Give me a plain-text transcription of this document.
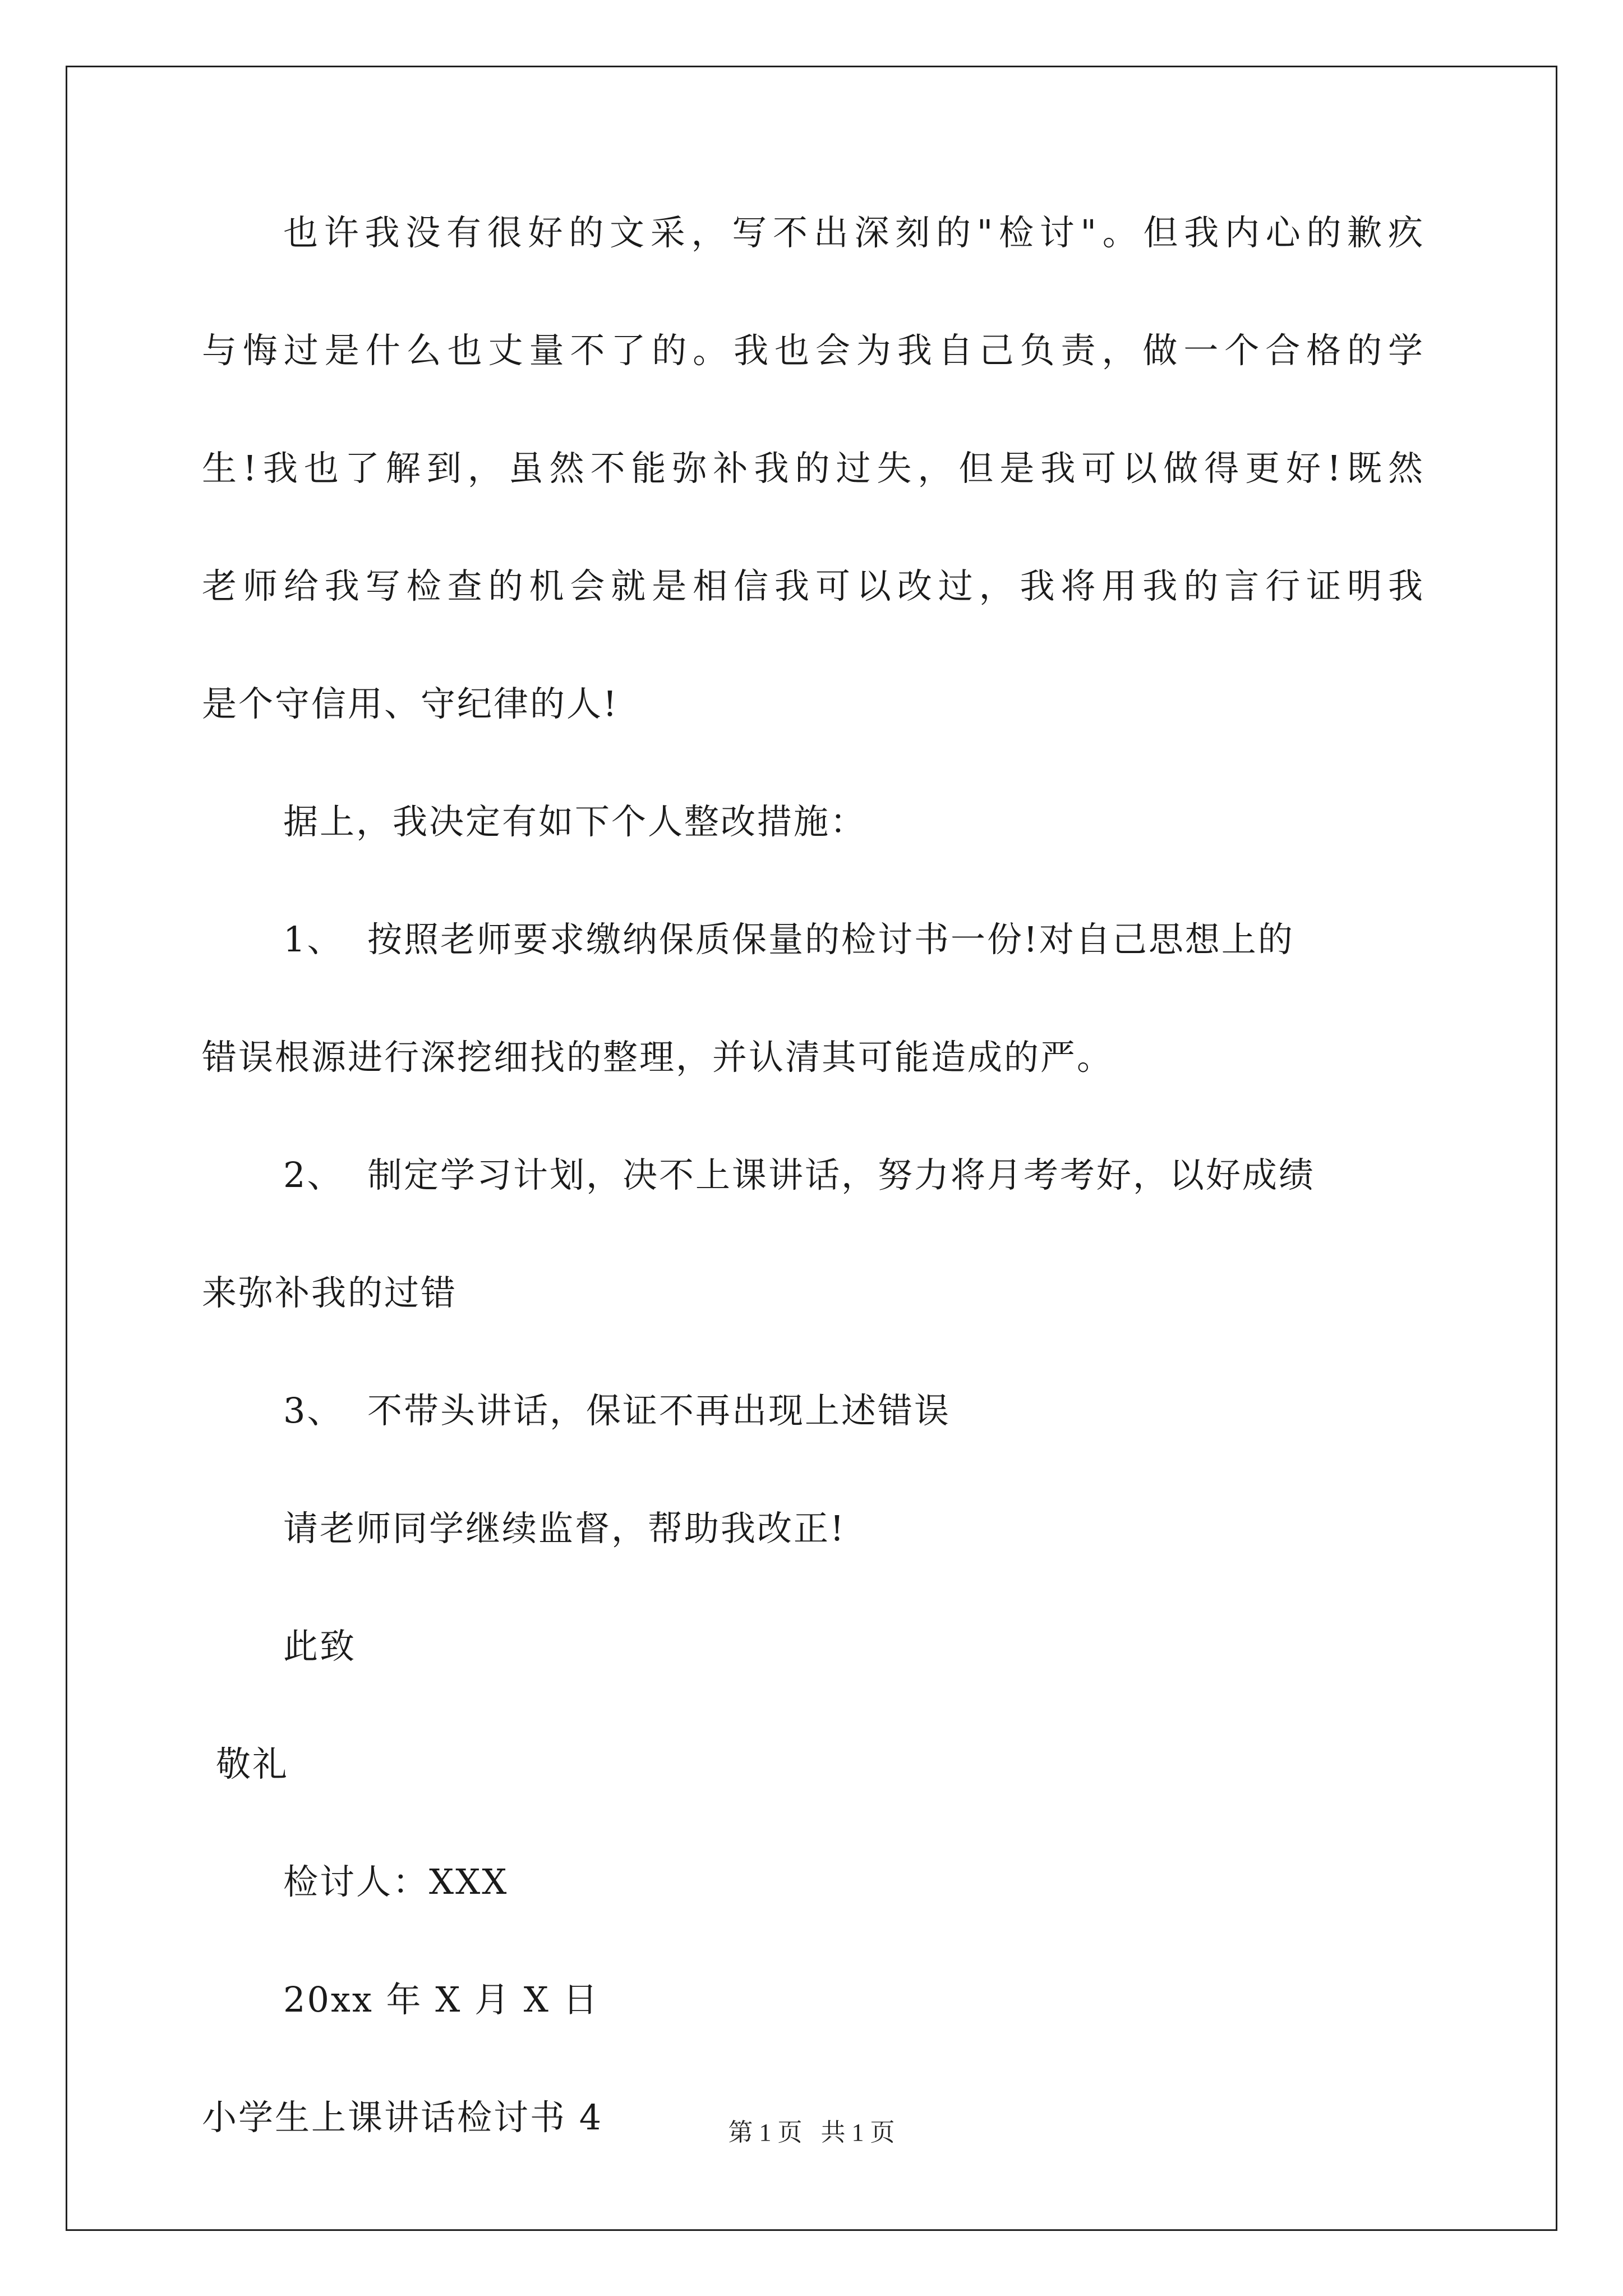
也许我没有很好的文采，写不出深刻的"检讨"。但我内心的歉疚
与悔过是什么也丈量不了的。我也会为我自己负责，做一个合格的学
生!我也了解到，虽然不能弥补我的过失，但是我可以做得更好!既然
老师给我写检查的机会就是相信我可以改过，我将用我的言行证明我
是个守信用、守纪律的人!
据上，我决定有如下个人整改措施：
1、 按照老师要求缴纳保质保量的检讨书一份!对自己思想上的
错误根源进行深挖细找的整理，并认清其可能造成的严。
2、 制定学习计划，决不上课讲话，努力将月考考好，以好成绩
来弥补我的过错
3、 不带头讲话，保证不再出现上述错误
请老师同学继续监督，帮助我改正!
此致
敬礼
检讨人：XXX
20xx 年 X 月 X 日
小学生上课讲话检讨书 4	第 1 页   共 1 页
